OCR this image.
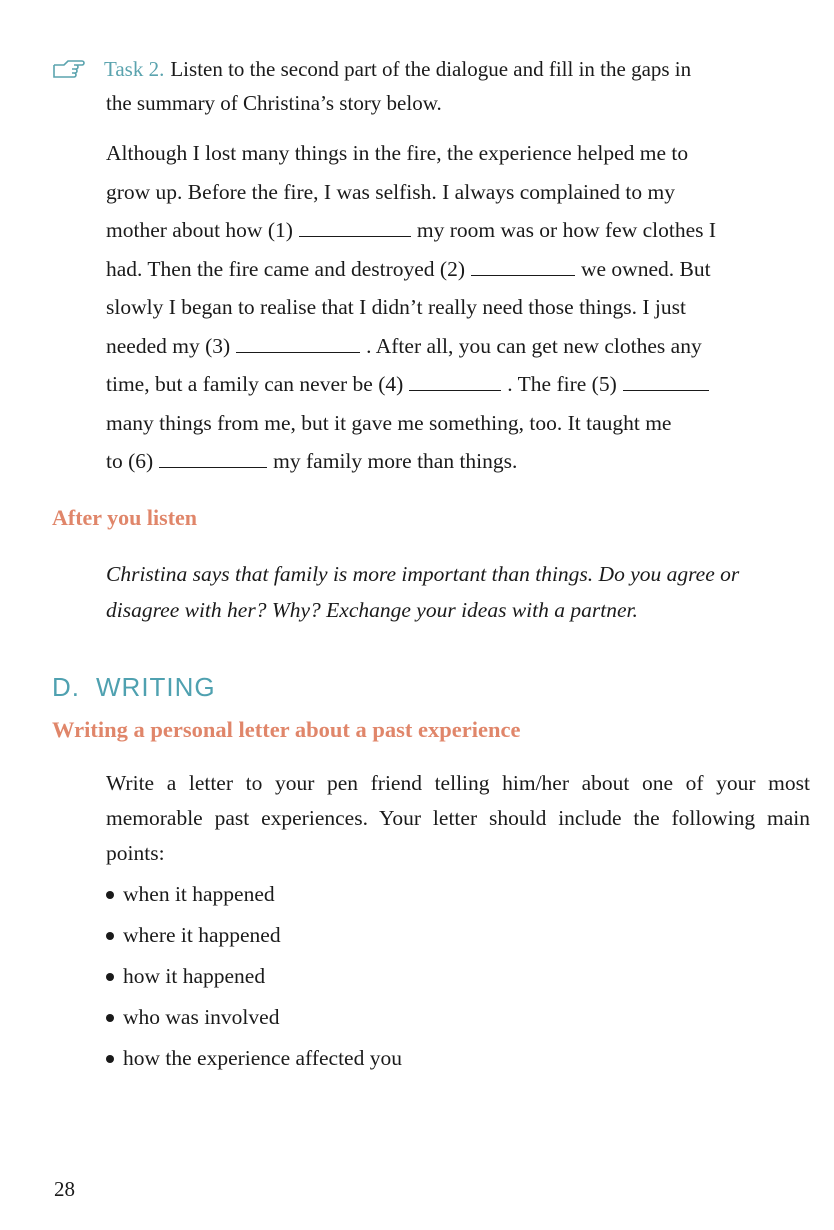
Task 2. Listen to the second part of the dialogue and fill in the gaps in
the summary of Christina’s story below.

Although I lost many things in the fire, the experience helped me to

grow up. Before the fire, I was selfish. I always complained to my

mother about how (1)	my room was or how few clothes I

had. Then the fire came and destroyed (2)	we owned. But

slowly I began to realise that I didn’t really need those things. I just

needed my (3)	. After all, you can get new clothes any

time, but a family can never be (4)	. The fire (5)

many things from me, but it gave me something, too. It taught me

to (6)	my family more than things.

After you listen
Christina says that family is more important than things. Do you agree or disagree with her? Why? Exchange your ideas with a partner.
D. WRITING
Writing a personal letter about a past experience
Write a letter to your pen friend telling him/her about one of your most memorable past experiences. Your letter should include the following main points:
when it happened
where it happened
how it happened
who was involved
how the experience affected you
28
